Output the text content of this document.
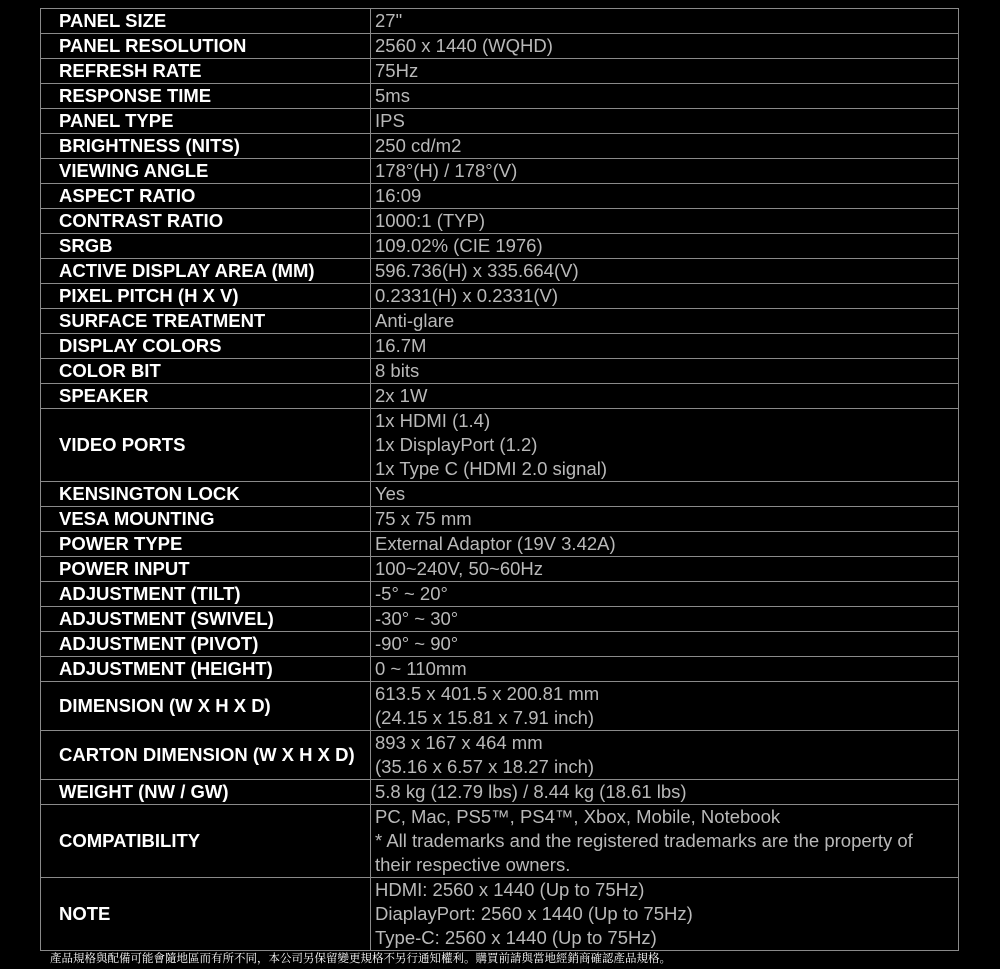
PANEL SIZE	27"

PANEL RESOLUTION	2560 x 1440 (WQHD)

REFRESH RATE	75Hz

RESPONSE TIME	5ms

PANEL TYPE	IPS

BRIGHTNESS (NITS)	250 cd/m2

VIEWING ANGLE	178°(H) / 178°(V)

ASPECT RATIO	16:09

CONTRAST RATIO	1000:1 (TYP)

SRGB	109.02% (CIE 1976)

ACTIVE DISPLAY AREA (MM)	596.736(H) x 335.664(V)

PIXEL PITCH (H X V)	0.2331(H) x 0.2331(V)

SURFACE TREATMENT	Anti-glare

DISPLAY COLORS	16.7M

COLOR BIT	8 bits

SPEAKER	2x 1W

VIDEO PORTS	1x HDMI (1.4)
1x DisplayPort (1.2)
1x Type C (HDMI 2.0 signal)

KENSINGTON LOCK	Yes

VESA MOUNTING	75 x 75 mm

POWER TYPE	External Adaptor (19V 3.42A)

POWER INPUT	100~240V, 50~60Hz

ADJUSTMENT (TILT)	-5° ~ 20°

ADJUSTMENT (SWIVEL)	-30° ~ 30°

ADJUSTMENT (PIVOT)	-90° ~ 90°

ADJUSTMENT (HEIGHT)	0 ~ 110mm

DIMENSION (W X H X D)	613.5 x 401.5 x 200.81 mm
(24.15 x 15.81 x 7.91 inch)

CARTON DIMENSION (W X H X D)	893 x 167 x 464 mm
(35.16 x 6.57 x 18.27 inch)

WEIGHT (NW / GW)	5.8 kg (12.79 lbs) / 8.44 kg (18.61 lbs)

COMPATIBILITY	PC, Mac, PS5™, PS4™, Xbox, Mobile, Notebook
* All trademarks and the registered trademarks are the property of
their respective owners.

NOTE	HDMI: 2560 x 1440 (Up to 75Hz)
DiaplayPort: 2560 x 1440 (Up to 75Hz)
Type-C: 2560 x 1440 (Up to 75Hz)
產品規格與配備可能會隨地區而有所不同，本公司另保留變更規格不另行通知權利。購買前請與當地經銷商確認產品規格。
